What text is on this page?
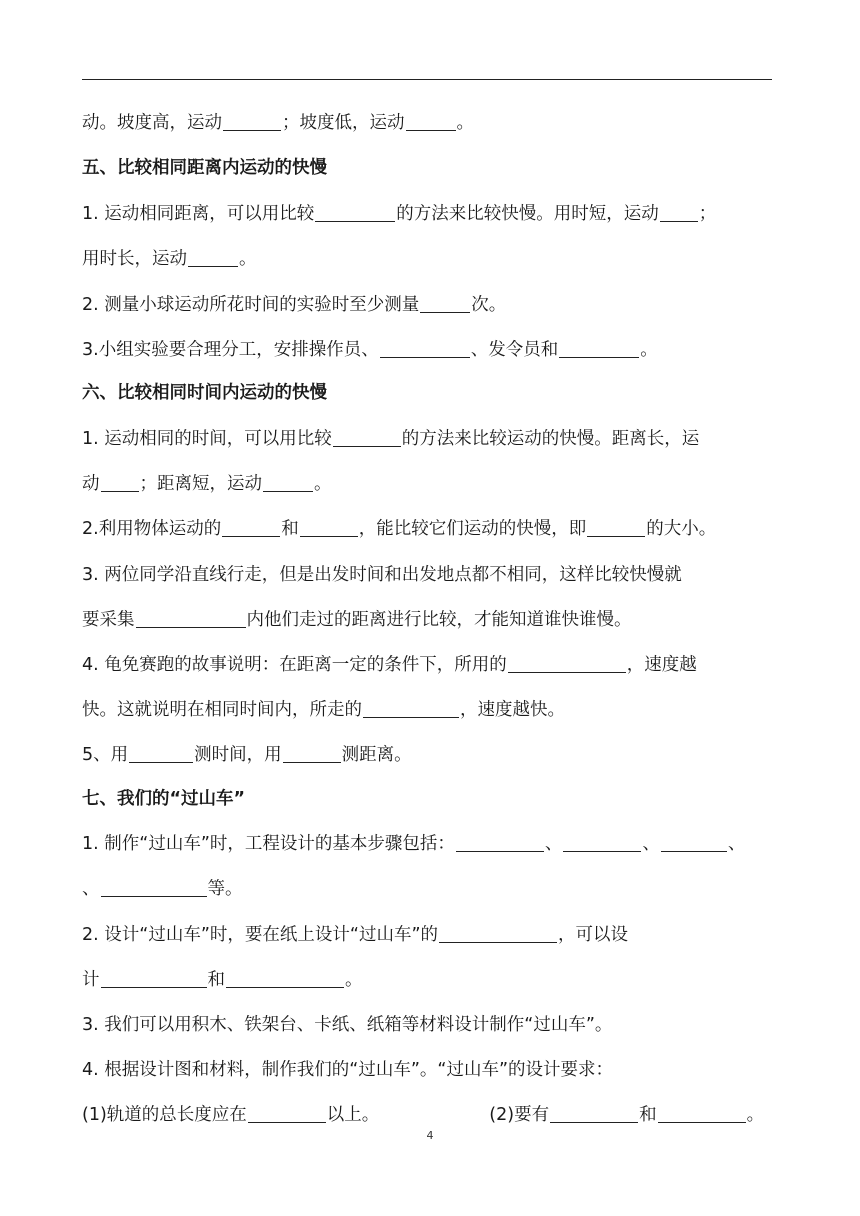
动。坡度高，运动	；坡度低，运动	。
五、比较相同距离内运动的快慢
1. 运动相同距离，可以用比较	的方法来比较快慢。用时短，运动 ；
用时长，运动	。
2. 测量小球运动所花时间的实验时至少测量	次。
3.小组实验要合理分工，安排操作员、	、发令员和	。
六、比较相同时间内运动的快慢
1. 运动相同的时间，可以用比较	的方法来比较运动的快慢。距离长，运
动 ；距离短，运动	。
2.利用物体运动的	和	，能比较它们运动的快慢，即	的大小。
3. 两位同学沿直线行走，但是出发时间和出发地点都不相同，这样比较快慢就
要采集	内他们走过的距离进行比较，才能知道谁快谁慢。
4. 龟免赛跑的故事说明：在距离一定的条件下，所用的	，速度越
快。这就说明在相同时间内，所走的	，速度越快。
5、用	测时间，用	测距离。
七、我们的“过山车”
1. 制作“过山车”时，工程设计的基本步骤包括：	、	、	、
、	等。
2. 设计“过山车”时，要在纸上设计“过山车”的	，可以设
计	和	。
3. 我们可以用积木、铁架台、卡纸、纸箱等材料设计制作“过山车”。
4. 根据设计图和材料，制作我们的“过山车”。“过山车”的设计要求：
(1)轨道的总长度应在	以上。	(2)要有	和	。
4
